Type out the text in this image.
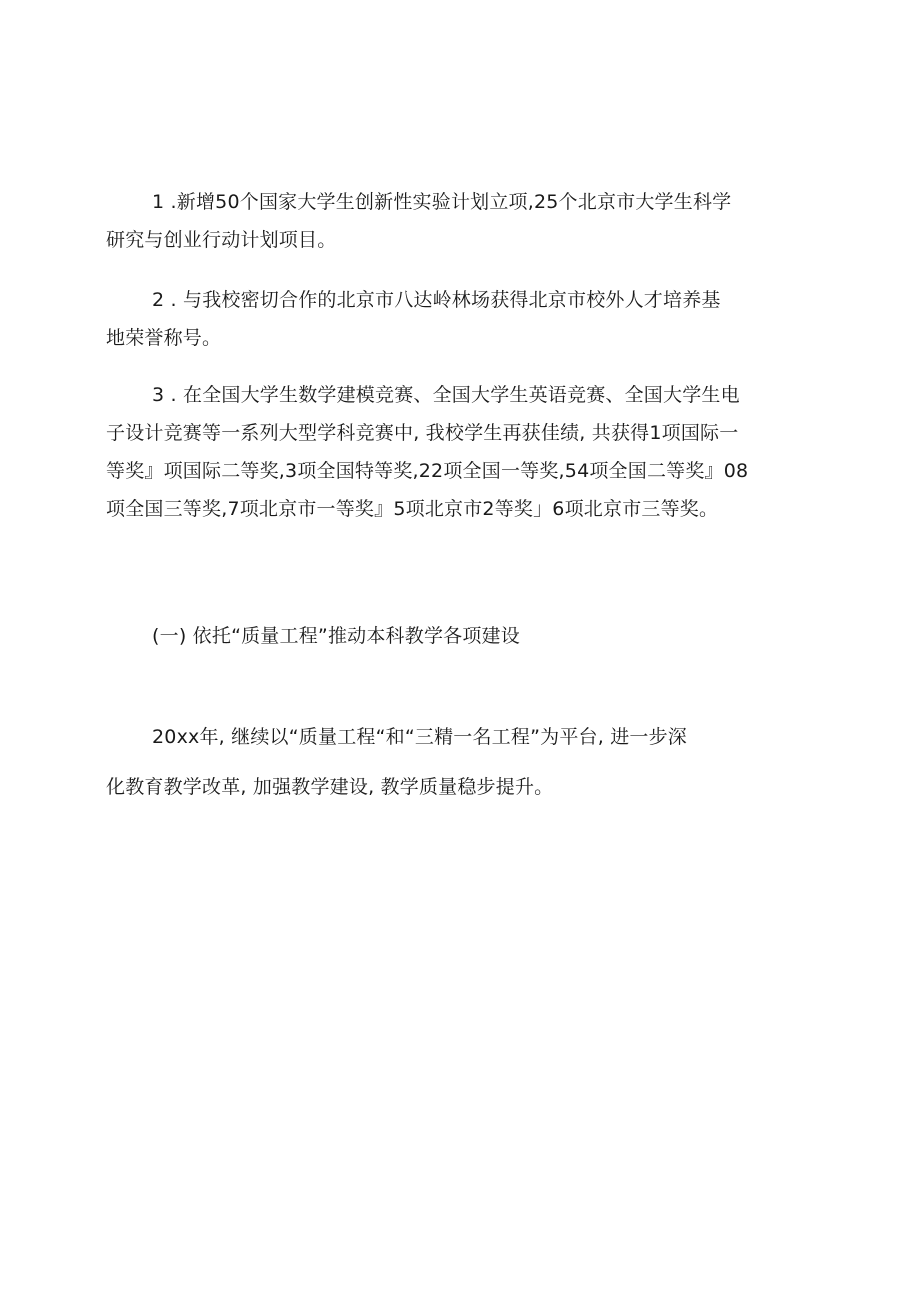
1 .新增50个国家大学生创新性实验计划立项,25个北京市大学生科学
研究与创业行动计划项目。
2 . 与我校密切合作的北京市八达岭林场获得北京市校外人才培养基
地荣誉称号。
3 . 在全国大学生数学建模竞赛、全国大学生英语竞赛、全国大学生电
子设计竞赛等一系列大型学科竞赛中, 我校学生再获佳绩, 共获得1项国际一
等奖』项国际二等奖,3项全国特等奖,22项全国一等奖,54项全国二等奖』08
项全国三等奖,7项北京市一等奖』5项北京市2等奖」6项北京市三等奖。
(一) 依托“质量工程”推动本科教学各项建设
20xx年, 继续以“质量工程“和“三精一名工程”为平台, 进一步深
化教育教学改革, 加强教学建设, 教学质量稳步提升。
